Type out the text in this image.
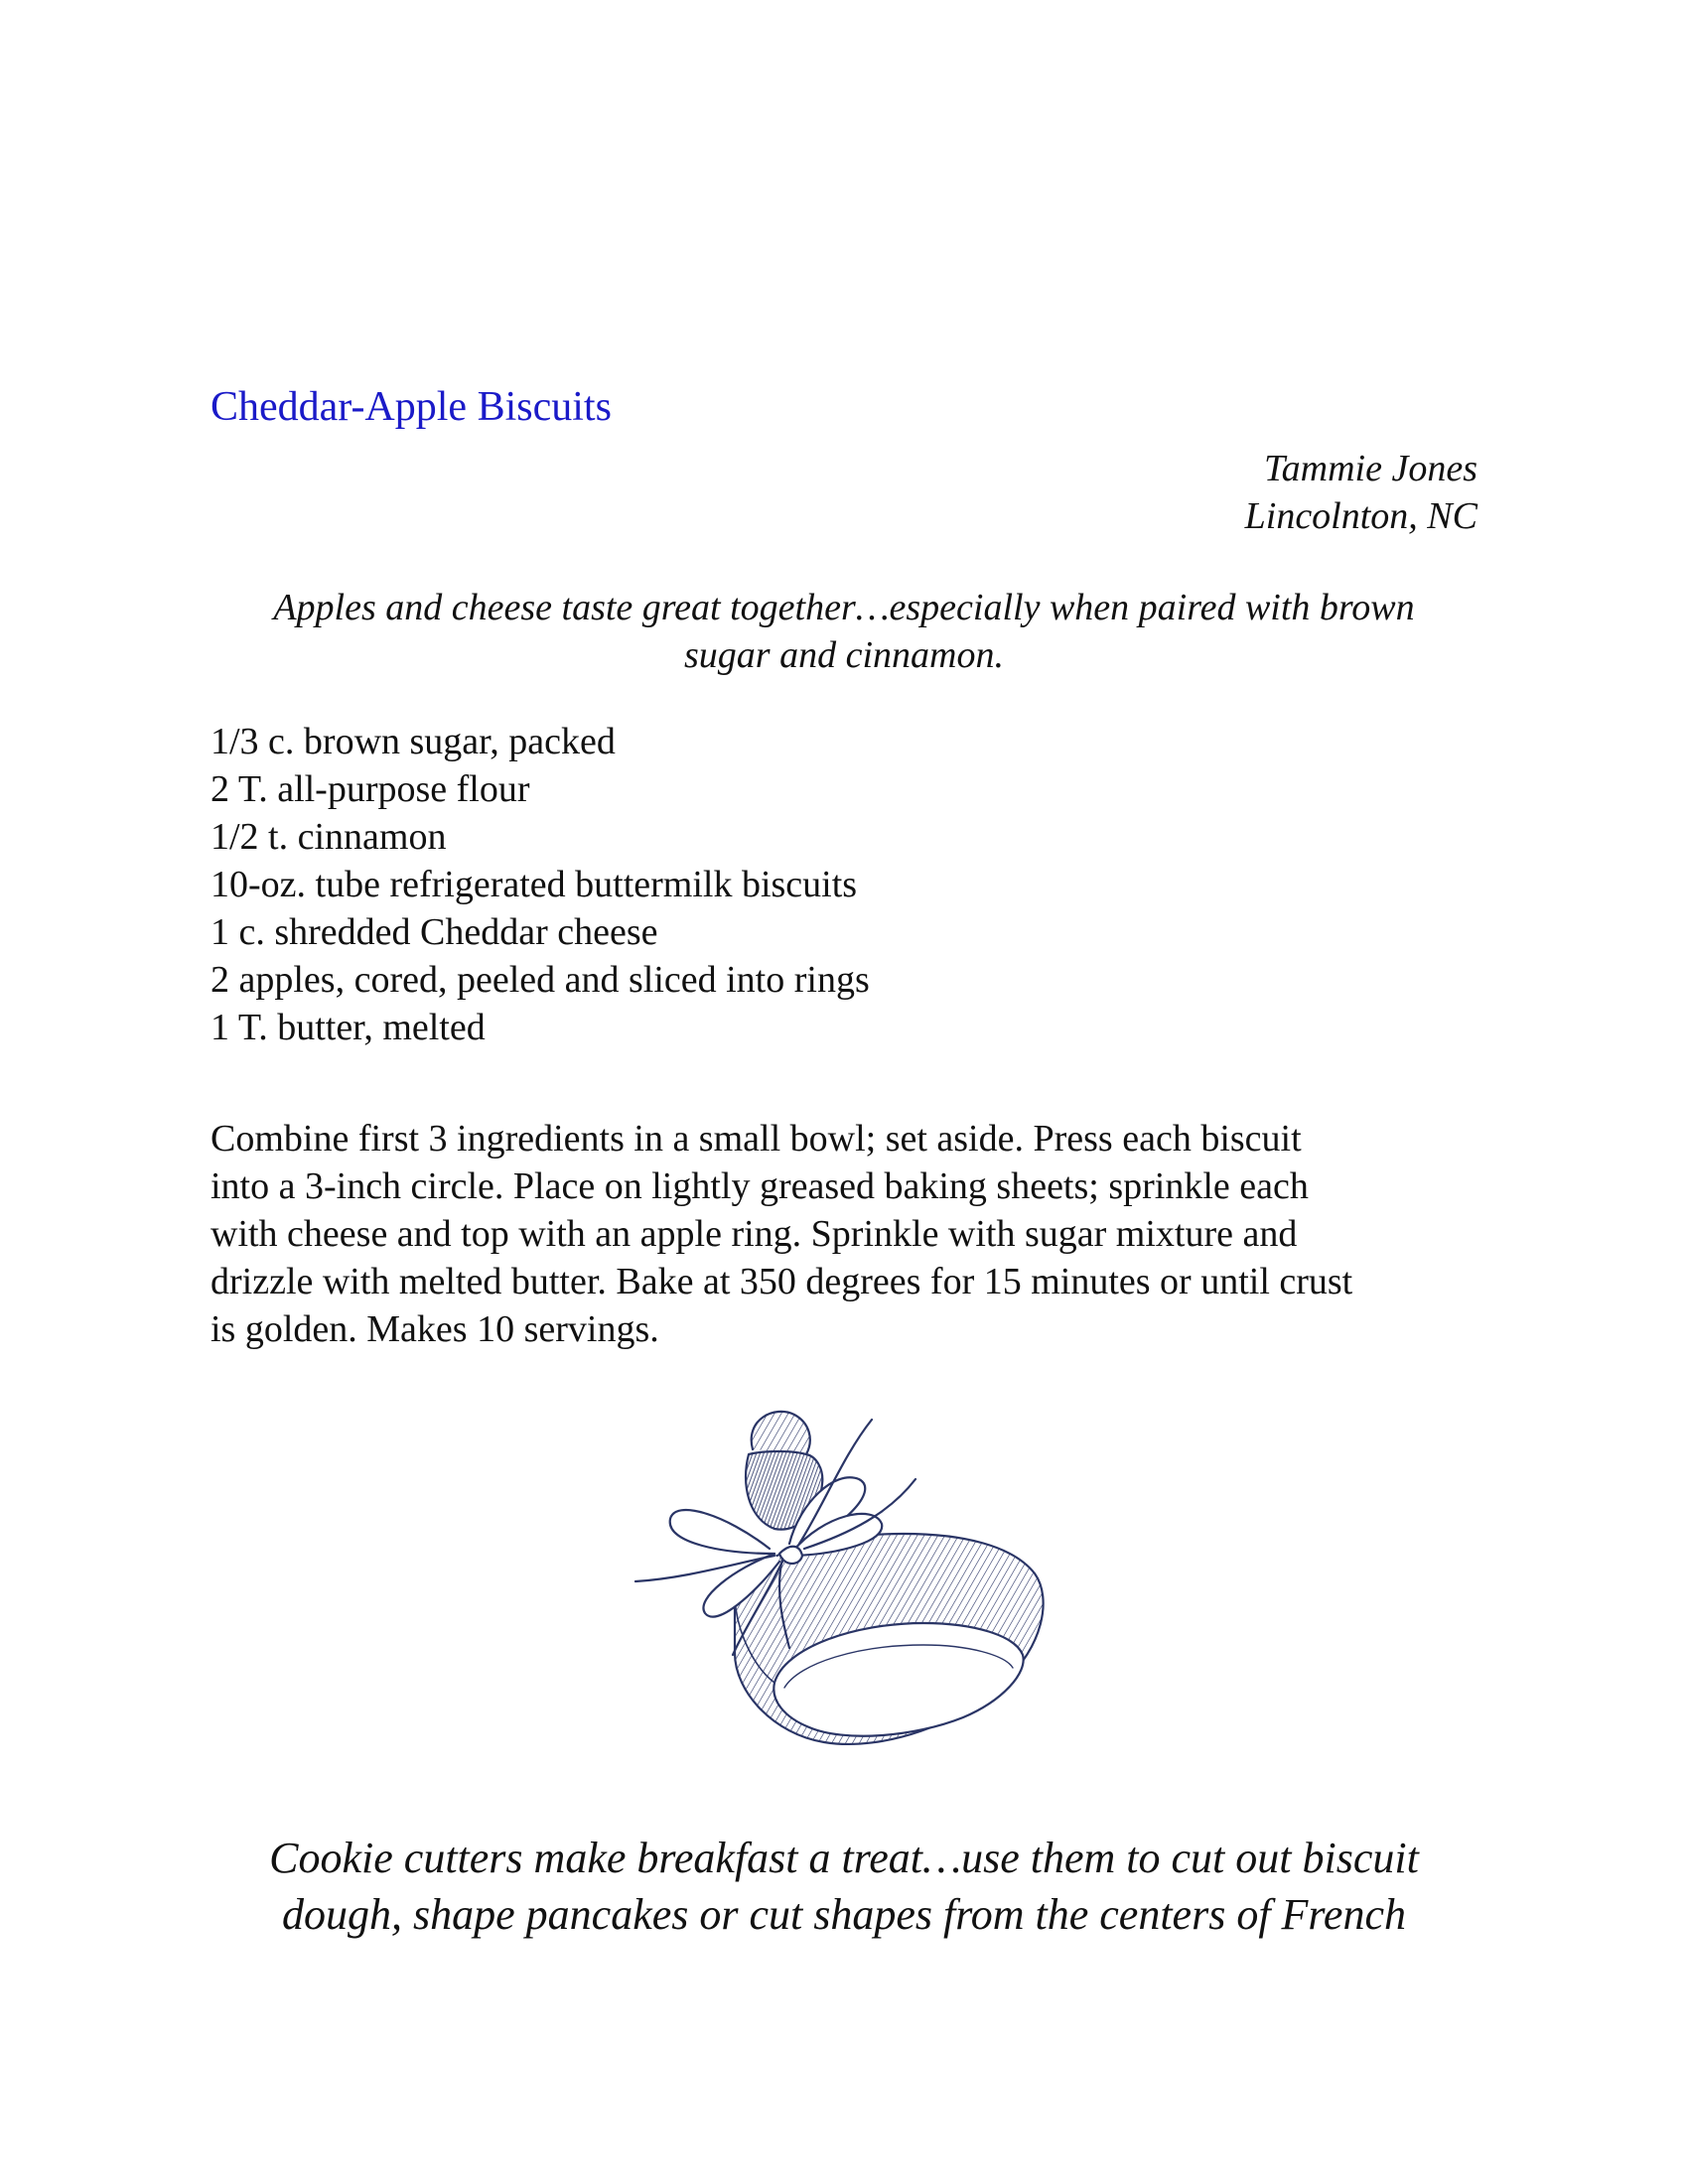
Cheddar-Apple Biscuits
Tammie Jones
Lincolnton, NC

Apples and cheese taste great together…especially when paired with brown
sugar and cinnamon.

1/3 c. brown sugar, packed
2 T. all-purpose flour
1/2 t. cinnamon
10-oz. tube refrigerated buttermilk biscuits
1 c. shredded Cheddar cheese
2 apples, cored, peeled and sliced into rings
1 T. butter, melted

Combine first 3 ingredients in a small bowl; set aside. Press each biscuit
into a 3-inch circle. Place on lightly greased baking sheets; sprinkle each
with cheese and top with an apple ring. Sprinkle with sugar mixture and
drizzle with melted butter. Bake at 350 degrees for 15 minutes or until crust
is golden. Makes 10 servings.

Cookie cutters make breakfast a treat…use them to cut out biscuit
dough, shape pancakes or cut shapes from the centers of French
